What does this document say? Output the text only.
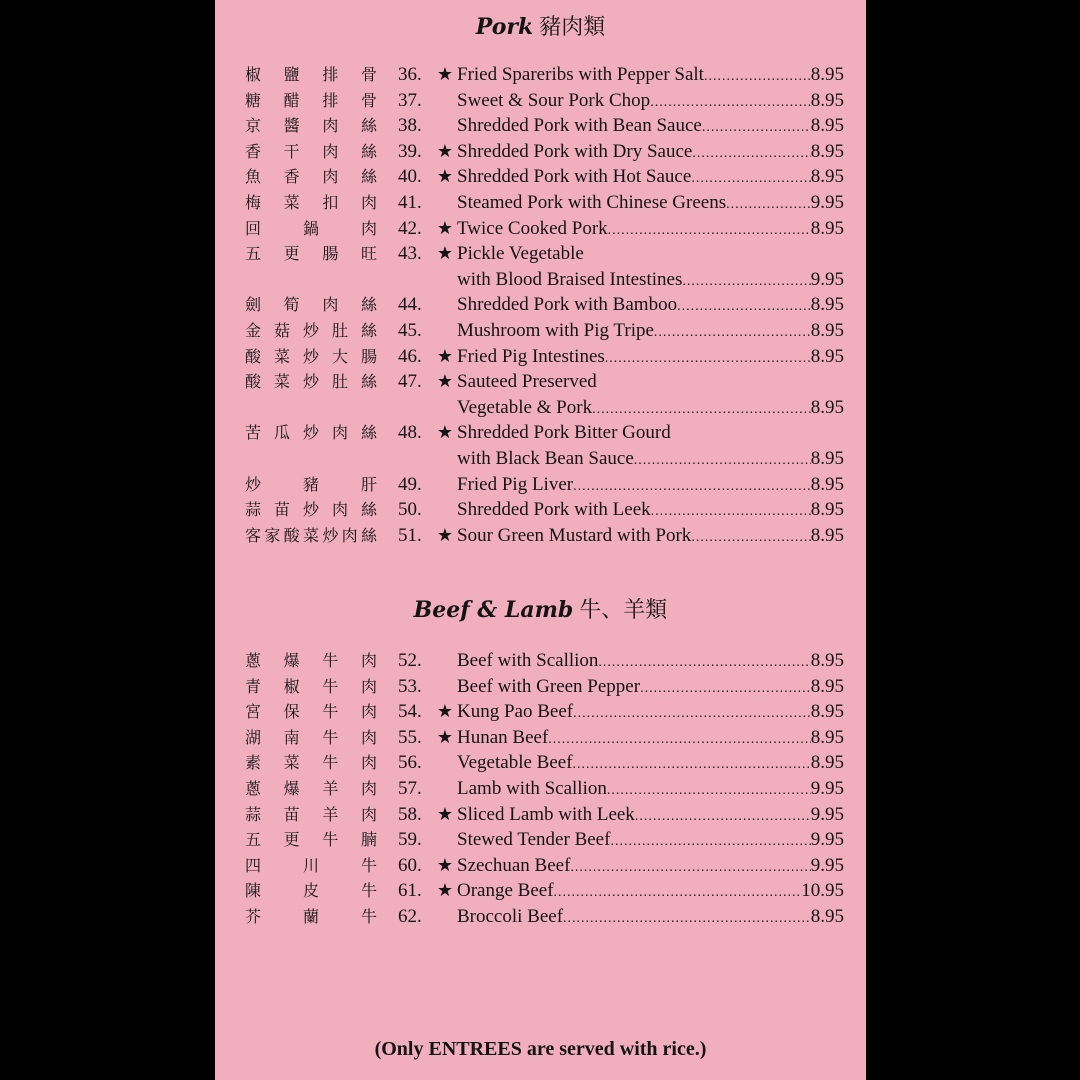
Pork 豬肉類
椒鹽排骨 36. ★ Fried Spareribs with Pepper Salt .....	8.95
糖醋排骨 37.	Sweet & Sour Pork Chop .....	8.95
京醬肉絲 38.	Shredded Pork with Bean Sauce .....	8.95
香干肉絲 39. ★ Shredded Pork with Dry Sauce .....	8.95
魚香肉絲 40. ★ Shredded Pork with Hot Sauce .....	8.95
梅菜扣肉 41.	Steamed Pork with Chinese Greens .....	9.95
回鍋肉 42. ★ Twice Cooked Pork .....	8.95
五更腸旺 43. ★ Pickle Vegetable
with Blood Braised Intestines .....	9.95
劍筍肉絲 44.	Shredded Pork with Bamboo .....	8.95
金菇炒肚絲 45.	Mushroom with Pig Tripe .....	8.95
酸菜炒大腸 46. ★ Fried Pig Intestines .....	8.95
酸菜炒肚絲 47. ★ Sauteed Preserved
Vegetable & Pork .....	8.95
苦瓜炒肉絲 48. ★ Shredded Pork Bitter Gourd
with Black Bean Sauce .....	8.95
炒豬肝 49.	Fried Pig Liver .....	8.95
蒜苗炒肉絲 50.	Shredded Pork with Leek .....	8.95
客家酸菜炒肉絲 51. ★ Sour Green Mustard with Pork .....	8.95
Beef & Lamb 牛、羊類
蔥爆牛肉 52.	Beef with Scallion .....	8.95
青椒牛肉 53.	Beef with Green Pepper .....	8.95
宮保牛肉 54. ★ Kung Pao Beef .....	8.95
湖南牛肉 55. ★ Hunan Beef .....	8.95
素菜牛肉 56.	Vegetable Beef .....	8.95
蔥爆羊肉 57.	Lamb with Scallion .....	9.95
蒜苗羊肉 58. ★ Sliced Lamb with Leek .....	9.95
五更牛腩 59.	Stewed Tender Beef .....	9.95
四川牛 60. ★ Szechuan Beef .....	9.95
陳皮牛 61. ★ Orange Beef .....	10.95
芥蘭牛 62.	Broccoli Beef .....	8.95
(Only ENTREES are served with rice.)
